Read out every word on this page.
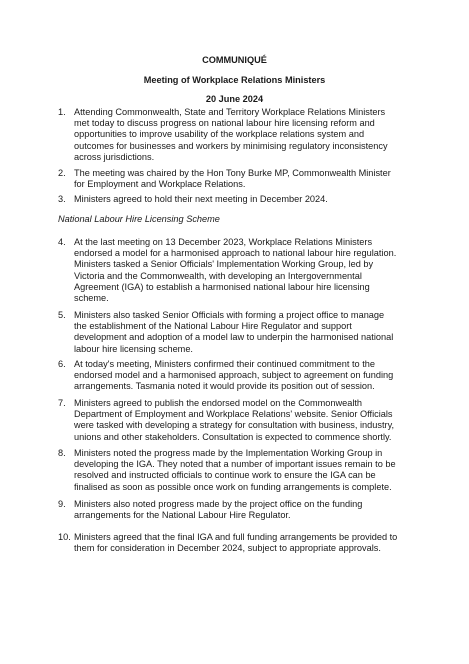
COMMUNIQUÉ
Meeting of Workplace Relations Ministers
20 June 2024
1. Attending Commonwealth, State and Territory Workplace Relations Ministers
met today to discuss progress on national labour hire licensing reform and
opportunities to improve usability of the workplace relations system and
outcomes for businesses and workers by minimising regulatory inconsistency
across jurisdictions.
2. The meeting was chaired by the Hon Tony Burke MP, Commonwealth Minister
for Employment and Workplace Relations.
3. Ministers agreed to hold their next meeting in December 2024.
National Labour Hire Licensing Scheme
4. At the last meeting on 13 December 2023, Workplace Relations Ministers
endorsed a model for a harmonised approach to national labour hire regulation.
Ministers tasked a Senior Officials' Implementation Working Group, led by
Victoria and the Commonwealth, with developing an Intergovernmental
Agreement (IGA) to establish a harmonised national labour hire licensing
scheme.
5. Ministers also tasked Senior Officials with forming a project office to manage
the establishment of the National Labour Hire Regulator and support
development and adoption of a model law to underpin the harmonised national
labour hire licensing scheme.
6. At today's meeting, Ministers confirmed their continued commitment to the
endorsed model and a harmonised approach, subject to agreement on funding
arrangements. Tasmania noted it would provide its position out of session.
7. Ministers agreed to publish the endorsed model on the Commonwealth
Department of Employment and Workplace Relations' website. Senior Officials
were tasked with developing a strategy for consultation with business, industry,
unions and other stakeholders. Consultation is expected to commence shortly.
8. Ministers noted the progress made by the Implementation Working Group in
developing the IGA. They noted that a number of important issues remain to be
resolved and instructed officials to continue work to ensure the IGA can be
finalised as soon as possible once work on funding arrangements is complete.
9. Ministers also noted progress made by the project office on the funding
arrangements for the National Labour Hire Regulator.
10. Ministers agreed that the final IGA and full funding arrangements be provided to
them for consideration in December 2024, subject to appropriate approvals.
